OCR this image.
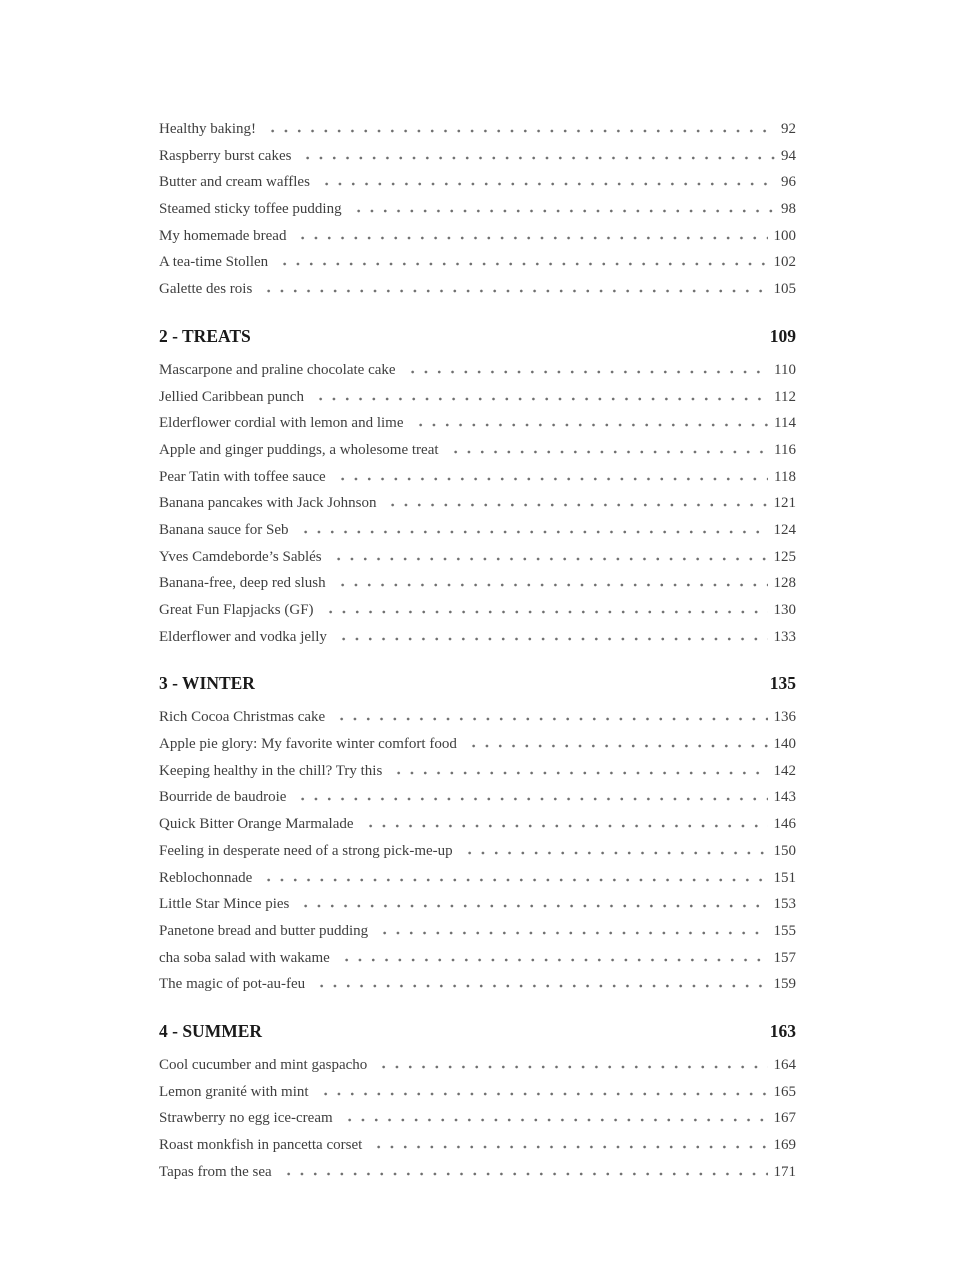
Healthy baking!	92
Raspberry burst cakes	94
Butter and cream waffles	96
Steamed sticky toffee pudding	98
My homemade bread	100
A tea-time Stollen	102
Galette des rois	105
2 - TREATS	109
Mascarpone and praline chocolate cake	110
Jellied Caribbean punch	112
Elderflower cordial with lemon and lime	114
Apple and ginger puddings, a wholesome treat	116
Pear Tatin with toffee sauce	118
Banana pancakes with Jack Johnson	121
Banana sauce for Seb	124
Yves Camdeborde’s Sablés	125
Banana-free, deep red slush	128
Great Fun Flapjacks (GF)	130
Elderflower and vodka jelly	133
3 - WINTER	135
Rich Cocoa Christmas cake	136
Apple pie glory: My favorite winter comfort food	140
Keeping healthy in the chill? Try this	142
Bourride de baudroie	143
Quick Bitter Orange Marmalade	146
Feeling in desperate need of a strong pick-me-up	150
Reblochonnade	151
Little Star Mince pies	153
Panetone bread and butter pudding	155
cha soba salad with wakame	157
The magic of pot-au-feu	159
4 - SUMMER	163
Cool cucumber and mint gaspacho	164
Lemon granité with mint	165
Strawberry no egg ice-cream	167
Roast monkfish in pancetta corset	169
Tapas from the sea	171
